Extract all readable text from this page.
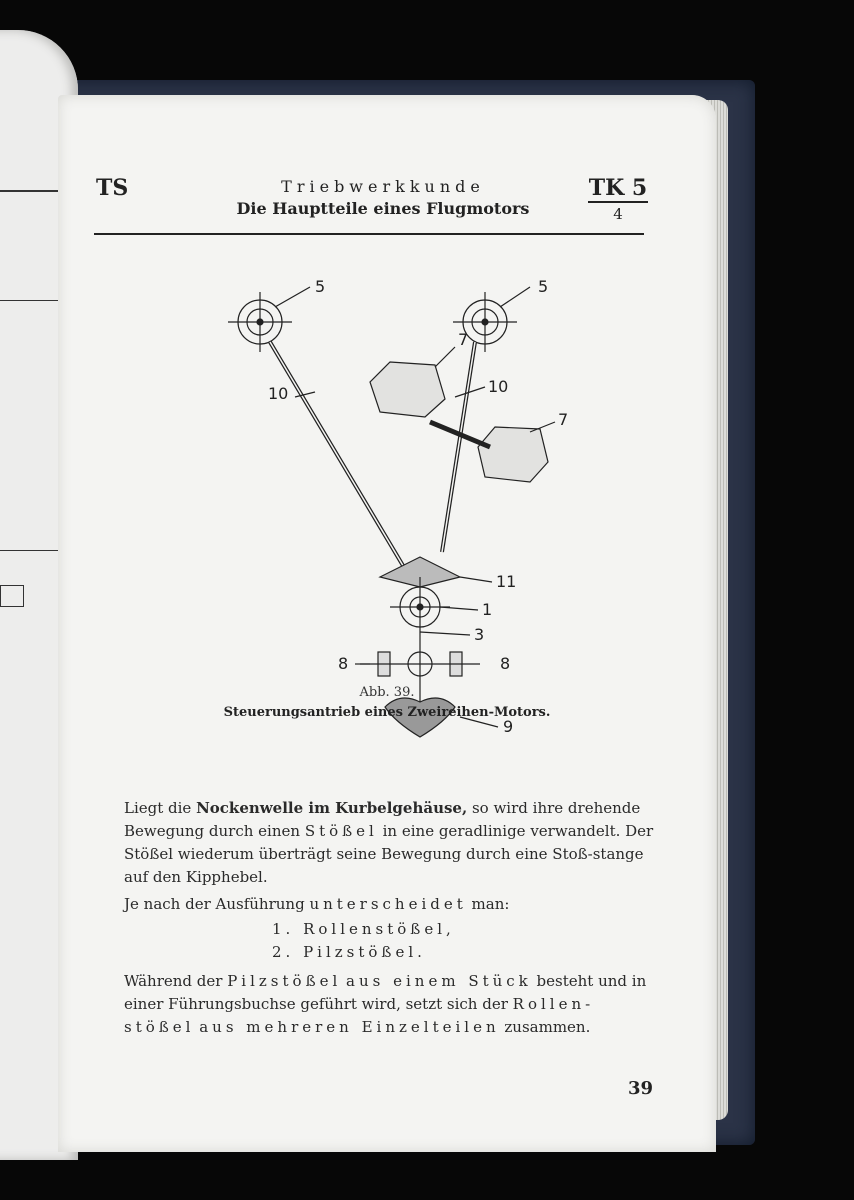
TS	Triebwerkkunde
Die Hauptteile eines Flugmotors
TK 5
4
5	5
7
7
10	10
11
1
3
8	8
9
Abb. 39.
Steuerungsantrieb eines Zweireihen-Motors.

Liegt die Nockenwelle im Kurbelgehäuse, so wird ihre drehende Bewegung durch einen Stößel in eine geradlinige verwandelt. Der Stößel wiederum überträgt seine Bewegung durch eine Stoß-stange auf den Kipphebel.

Je nach der Ausführung unterscheidet man:

1. Rollenstößel,

2. Pilzstößel.

Während der Pilzstößel aus einem Stück besteht und in einer Führungsbuchse geführt wird, setzt sich der Rollen-stößel aus mehreren Einzelteilen zusammen.

39
